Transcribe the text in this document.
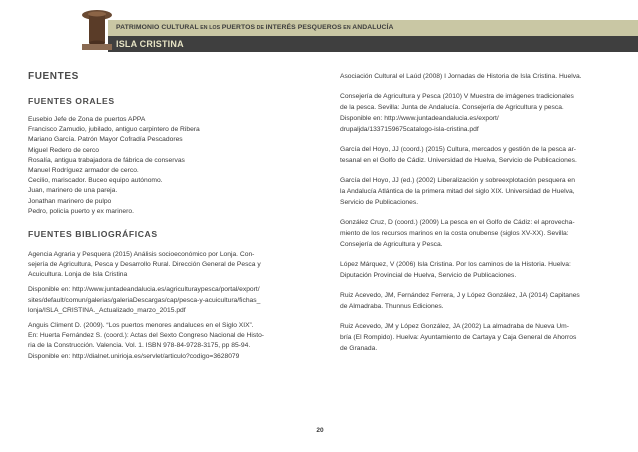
PATRIMONIO CULTURAL EN LOS PUERTOS DE INTERÉS PESQUEROS EN ANDALUCÍA
ISLA CRISTINA
FUENTES
FUENTES ORALES
Eusebio Jefe de Zona de puertos APPA
Francisco Zamudio, jubilado, antiguo carpintero de Ribera
Mariano García. Patrón Mayor Cofradía Pescadores
Miguel Redero de cerco
Rosalía, antigua trabajadora de fábrica de conservas
Manuel Rodríguez armador de cerco.
Cecilio, mariscador. Buceo equipo autónomo.
Juan, marinero de una pareja.
Jonathan marinero de pulpo
Pedro, policía puerto y ex marinero.
FUENTES BIBLIOGRÁFICAS
Agencia Agraria y Pesquera (2015) Análisis socioeconómico por Lonja. Con-
sejería de Agricultura, Pesca y Desarrollo Rural. Dirección General de Pesca y
Acuicultura. Lonja de Isla Cristina
Disponible en: http://www.juntadeandalucia.es/agriculturaypesca/portal/export/
sites/default/comun/galerias/galeriaDescargas/cap/pesca-y-acuicultura/fichas_
lonja/ISLA_CRISTINA._Actualizado_marzo_2015.pdf
Anguis Climent D. (2009). “Los puertos menores andaluces en el Siglo XIX”.
En: Huerta Fernández S. (coord.): Actas del Sexto Congreso Nacional de Histo-
ria de la Construcción. Valencia. Vol. 1. ISBN 978-84-9728-3175, pp 85-94.
Disponible en: http://dialnet.unirioja.es/servlet/articulo?codigo=3628079
Asociación Cultural el Laúd (2008) I Jornadas de Historia de Isla Cristina. Huelva.
Consejería de Agricultura y Pesca (2010) V Muestra de imágenes tradicionales
de la pesca. Sevilla: Junta de Andalucía. Consejería de Agricultura y pesca.
Disponible en: http://www.juntadeandalucia.es/export/
drupaljda/1337159675catalogo-isla-cristina.pdf
García del Hoyo, JJ (coord.) (2015) Cultura, mercados y gestión de la pesca ar-
tesanal en el Golfo de Cádiz. Universidad de Huelva, Servicio de Publicaciones.
García del Hoyo, JJ (ed.) (2002) Liberalización y sobreexplotación pesquera en
la Andalucía Atlántica de la primera mitad del siglo XIX. Universidad de Huelva,
Servicio de Publicaciones.
González Cruz, D (coord.) (2009) La pesca en el Golfo de Cádiz: el aprovecha-
miento de los recursos marinos en la costa onubense (siglos XV-XX). Sevilla:
Consejería de Agricultura y Pesca.
López Márquez, V (2006) Isla Cristina. Por los caminos de la Historia. Huelva:
Diputación Provincial de Huelva, Servicio de Publicaciones.
Ruiz Acevedo, JM, Fernández Ferrera, J y López González, JA (2014) Capitanes
de Almadraba. Thunnus Ediciones.
Ruiz Acevedo, JM y López González, JA (2002) La almadraba de Nueva Um-
bría (El Rompido). Huelva: Ayuntamiento de Cartaya y Caja General de Ahorros
de Granada.
20
